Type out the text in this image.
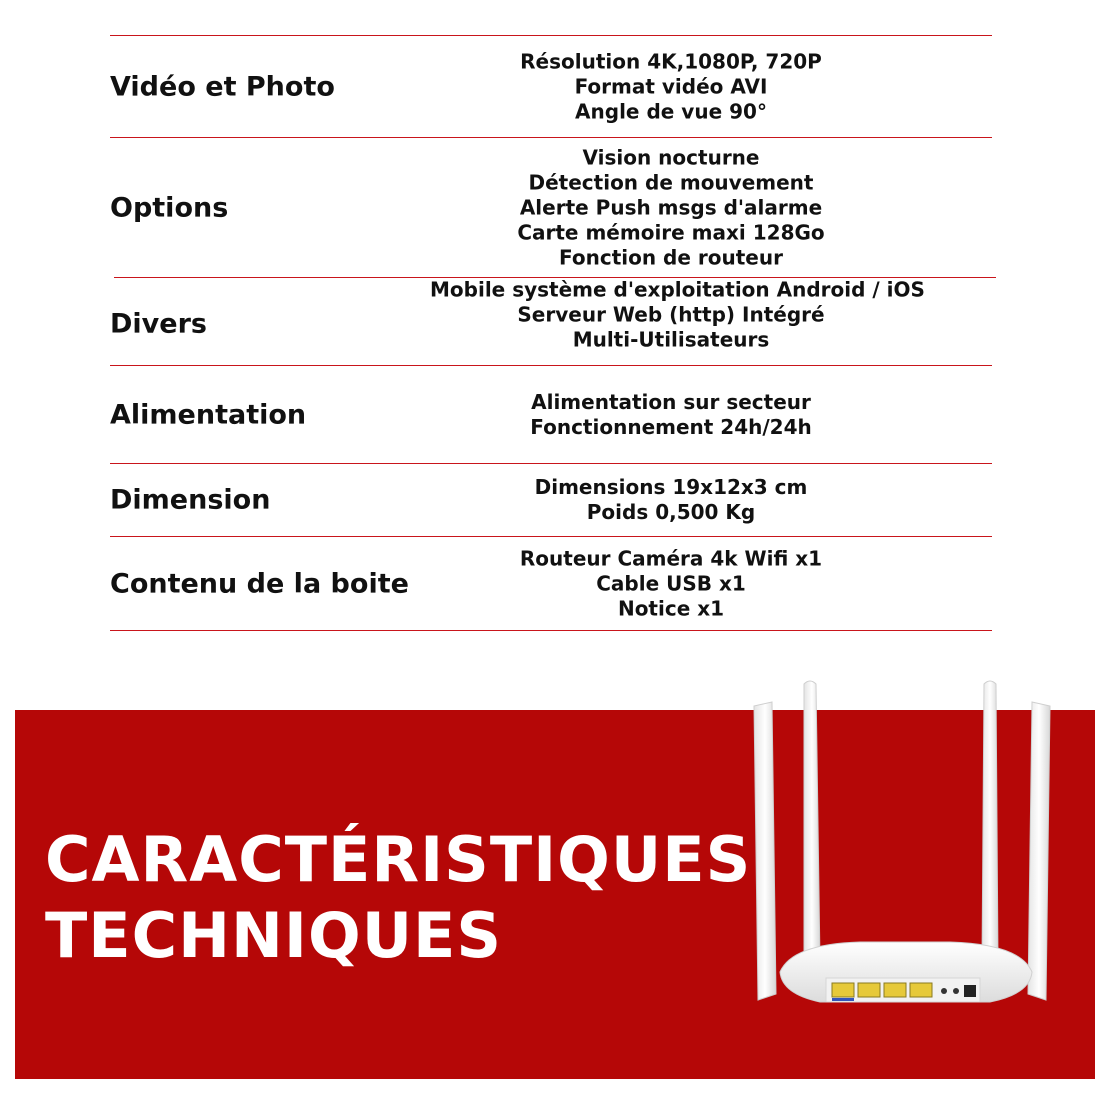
Vidéo et Photo
Résolution 4K,1080P, 720P
Format vidéo AVI
Angle de vue 90°
Options
Vision nocturne
Détection de mouvement
Alerte Push msgs d'alarme
Carte mémoire maxi 128Go
Fonction de routeur
Divers
Mobile système d'exploitation Android / iOS
Serveur Web (http) Intégré
Multi-Utilisateurs
Alimentation	Alimentation sur secteur
Fonctionnement 24h/24h
Dimension	Dimensions 19x12x3 cm
Poids 0,500 Kg
Contenu de la boite
Routeur Caméra 4k Wifi x1
Cable USB x1
Notice x1
CARACTÉRISTIQUES
TECHNIQUES
